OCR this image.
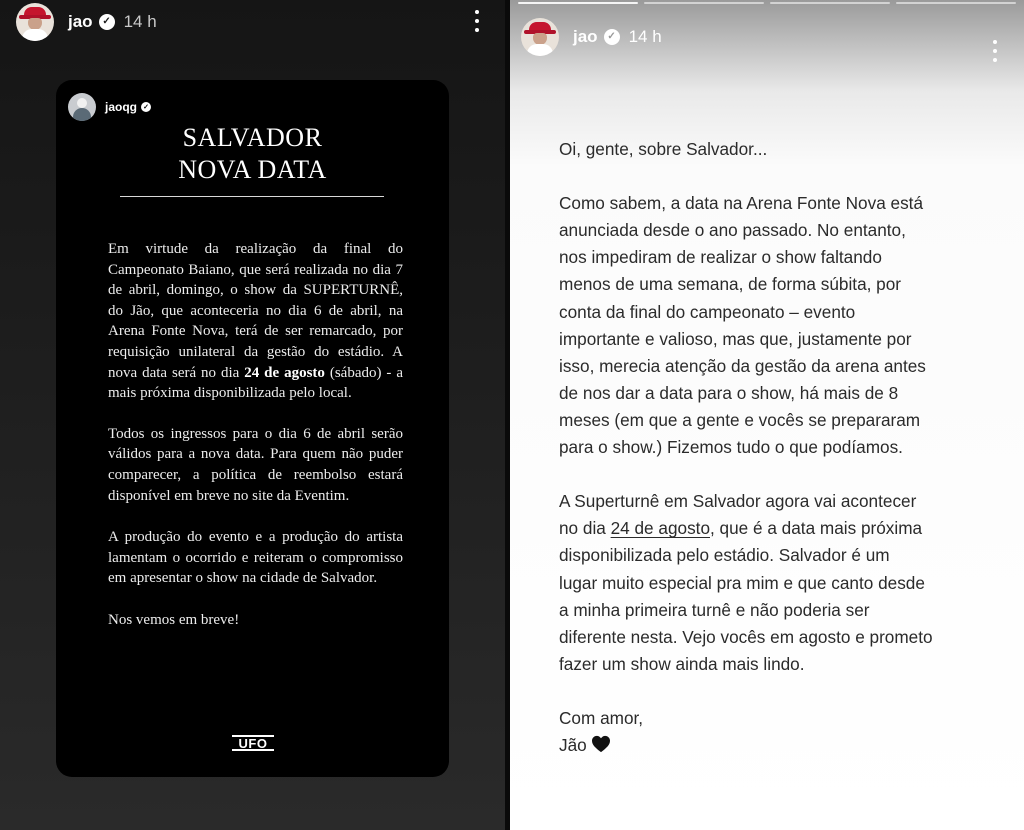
jao ✓ 14 h
jaoqg ✓
SALVADOR
NOVA DATA

Em virtude da realização da final do Campeonato Baiano, que será realizada no dia 7 de abril, domingo, o show da SUPERTURNÊ, do Jão, que aconteceria no dia 6 de abril, na Arena Fonte Nova, terá de ser remarcado, por requisição unilateral da gestão do estádio. A nova data será no dia 24 de agosto (sábado) - a mais próxima disponibilizada pelo local.

Todos os ingressos para o dia 6 de abril serão válidos para a nova data. Para quem não puder comparecer, a política de reembolso estará disponível em breve no site da Eventim.

A produção do evento e a produção do artista lamentam o ocorrido e reiteram o compromisso em apresentar o show na cidade de Salvador.

Nos vemos em breve!

UFO
jao ✓ 14 h

Oi, gente, sobre Salvador...

Como sabem, a data na Arena Fonte Nova está

anunciada desde o ano passado. No entanto,

nos impediram de realizar o show faltando

menos de uma semana, de forma súbita, por

conta da final do campeonato – evento

importante e valioso, mas que, justamente por

isso, merecia atenção da gestão da arena antes

de nos dar a data para o show, há mais de 8

meses (em que a gente e vocês se prepararam

para o show.) Fizemos tudo o que podíamos.

A Superturnê em Salvador agora vai acontecer

no dia 24 de agosto, que é a data mais próxima

disponibilizada pelo estádio. Salvador é um

lugar muito especial pra mim e que canto desde

a minha primeira turnê e não poderia ser

diferente nesta. Vejo vocês em agosto e prometo

fazer um show ainda mais lindo.

Com amor,

Jão
